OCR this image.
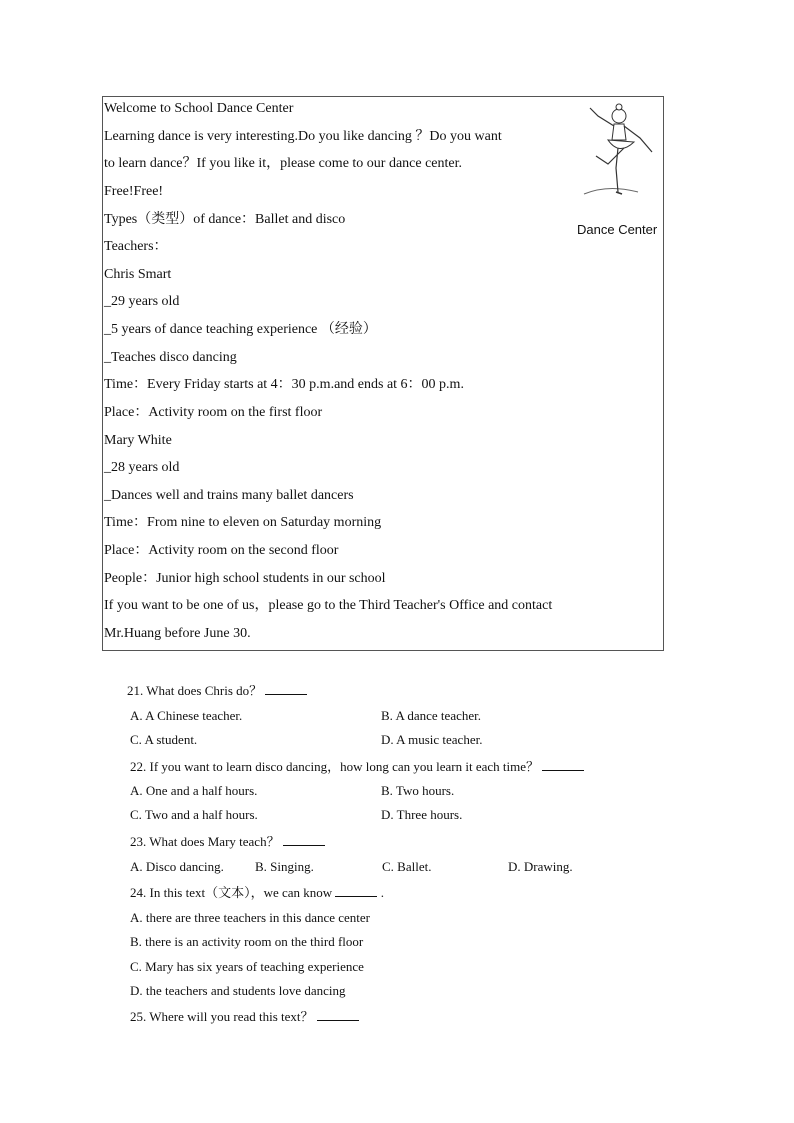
Welcome to School Dance Center
Learning dance is very interesting.Do you like dancing ？Do you want
to learn dance？If you like it，please come to our dance center.
Free!Free!
Types（类型）of dance：Ballet and disco
Teachers：
Chris Smart
_29 years old
_5 years of dance teaching experience （经验）
_Teaches disco dancing
Time：Every Friday starts at 4：30 p.m.and ends at 6：00 p.m.
Place：Activity room on the first floor
Mary White
_28 years old
_Dances well and trains many ballet dancers
Time：From nine to eleven on Saturday morning
Place：Activity room on the second floor
People：Junior high school students in our school
If you want to be one of us，please go to the Third Teacher's Office and contact
Mr.Huang before June 30.
Dance Center
21. What does Chris do？
A. A Chinese teacher.	B. A dance teacher.
C. A student.	D. A music teacher.
22. If you want to learn disco dancing，how long can you learn it each time？
A. One and a half hours.	B. Two hours.
C. Two and a half hours.	D. Three hours.
23. What does Mary teach？
A. Disco dancing. B. Singing.	C. Ballet.	D. Drawing.
24. In this text（文本），we can know	.
A. there are three teachers in this dance center
B. there is an activity room on the third floor
C. Mary has six years of teaching experience
D. the teachers and students love dancing
25. Where will you read this text？
